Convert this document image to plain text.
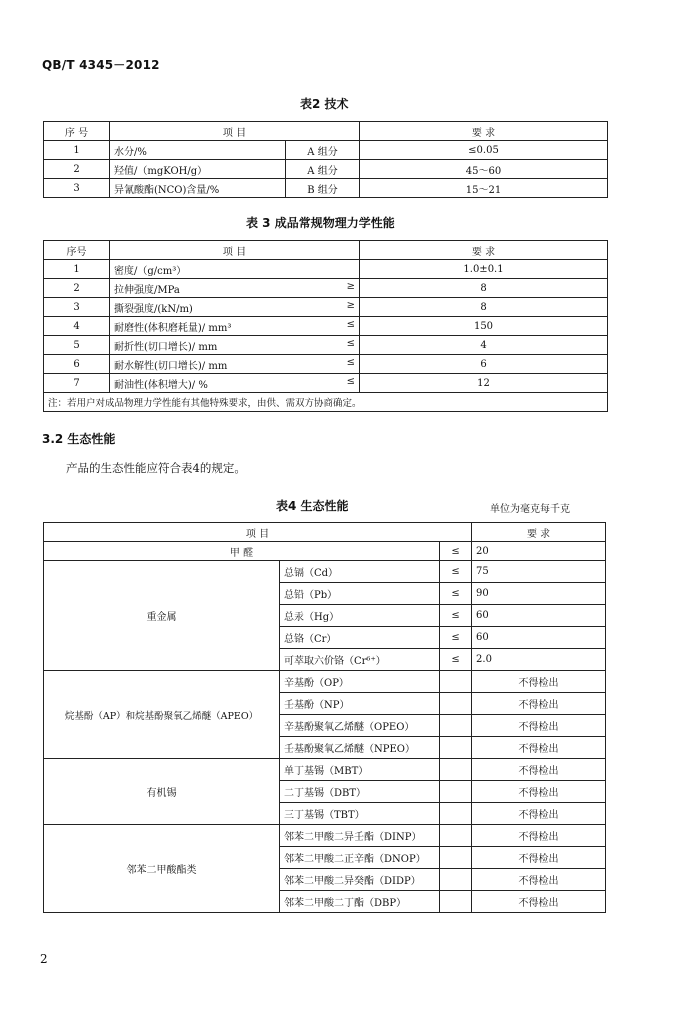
QB/T 4345－2012
表2 技术
序 号	项 目		要 求
1	水分/%	A 组分	≤0.05
2	羟值/（mgKOH/g）	A 组分	45～60
3	异氰酸酯(NCO)含量/%	B 组分	15～21
表 3 成品常规物理力学性能
序号	项 目	要 求
1	密度/（g/cm³）	1.0±0.1
2	拉伸强度/MPa ≥	8
3	撕裂强度/(kN/m) ≥	8
4	耐磨性(体积磨耗量)/ mm³ ≤	150
5	耐折性(切口增长)/ mm ≤	4
6	耐水解性(切口增长)/ mm ≤	6
7	耐油性(体积增大)/ % ≤	12
注：若用户对成品物理力学性能有其他特殊要求，由供、需双方协商确定。		
3.2 生态性能
产品的生态性能应符合表4的规定。
表4 生态性能	单位为毫克每千克
项 目			要 求
甲 醛		≤	20
重金属	总镉（Cd）	≤	75
	总铅（Pb）	≤	90
	总汞（Hg）	≤	60
	总铬（Cr）	≤	60
	可萃取六价铬（Cr⁶⁺）	≤	2.0
烷基酚（AP）和烷基酚聚氧乙烯醚（APEO）	辛基酚（OP）		不得检出
	壬基酚（NP）		不得检出
	辛基酚聚氧乙烯醚（OPEO）		不得检出
	壬基酚聚氧乙烯醚（NPEO）		不得检出
有机锡	单丁基锡（MBT）		不得检出
	二丁基锡（DBT）		不得检出
	三丁基锡（TBT）		不得检出
邻苯二甲酸酯类	邻苯二甲酸二异壬酯（DINP）		不得检出
	邻苯二甲酸二正辛酯（DNOP）		不得检出
	邻苯二甲酸二异癸酯（DIDP）		不得检出
	邻苯二甲酸二丁酯（DBP）		不得检出
2
